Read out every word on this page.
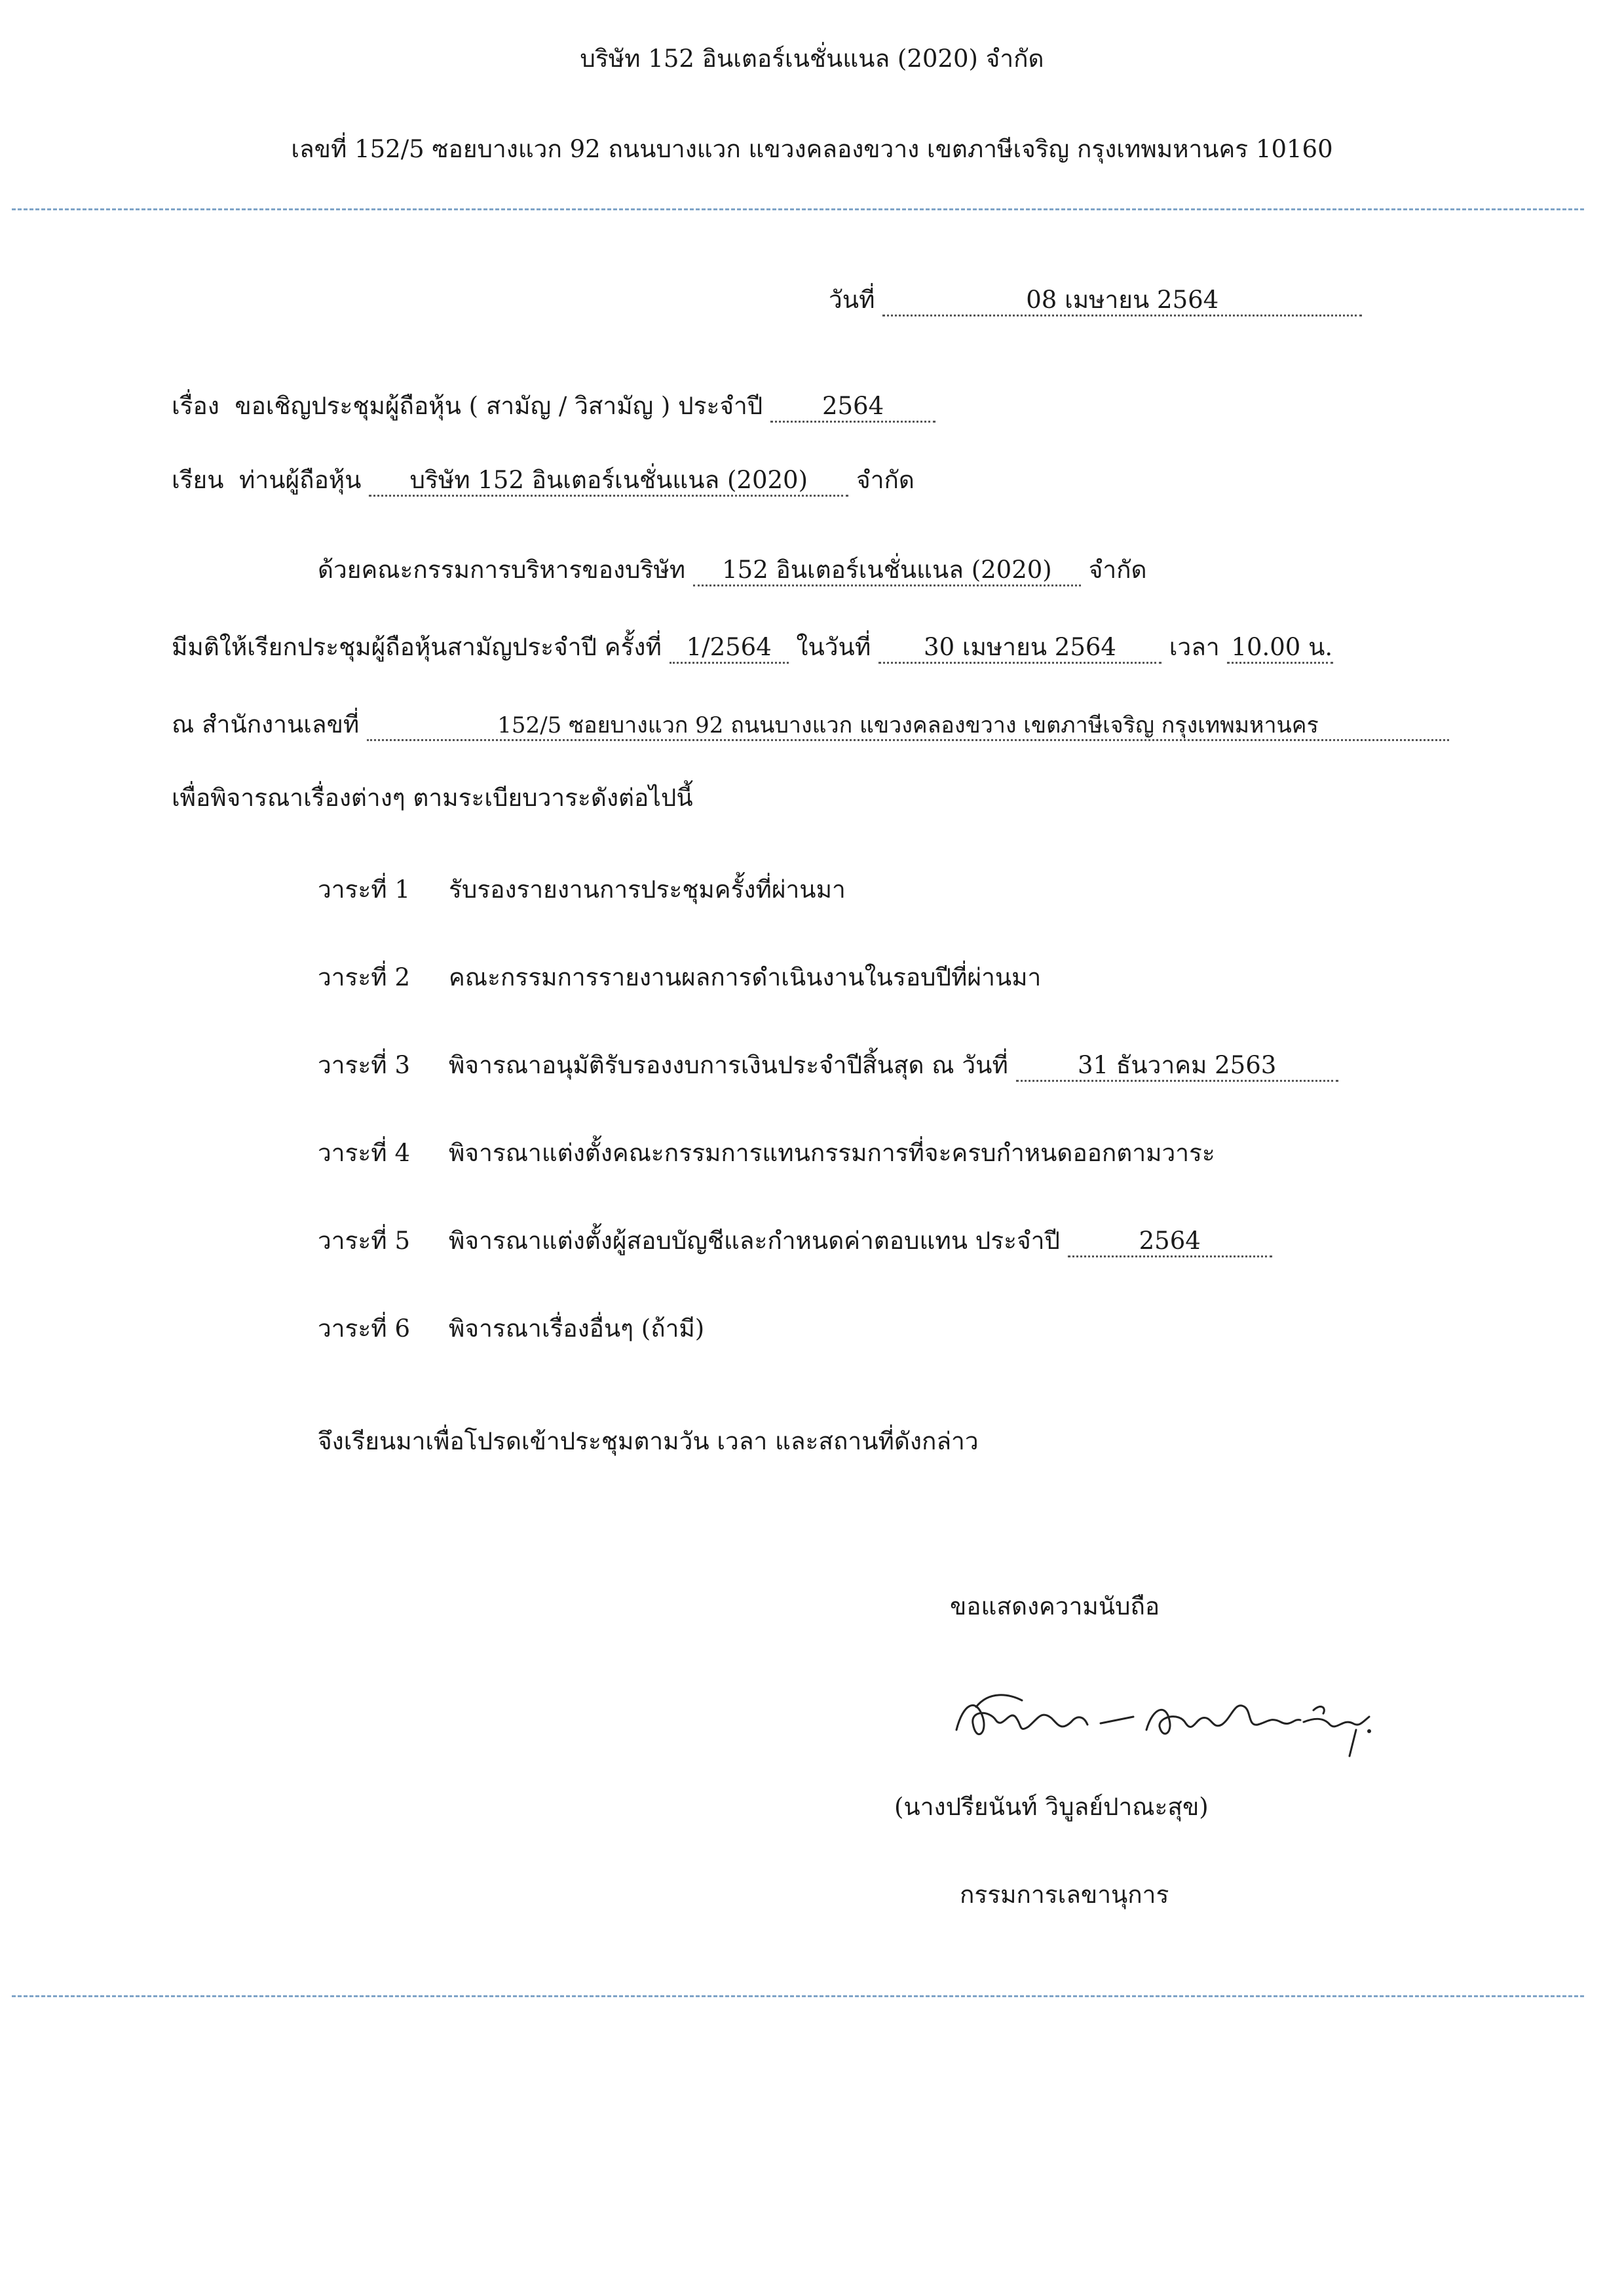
บริษัท 152 อินเตอร์เนชั่นแนล (2020) จำกัด
เลขที่ 152/5 ซอยบางแวก 92 ถนนบางแวก แขวงคลองขวาง เขตภาษีเจริญ กรุงเทพมหานคร 10160
วันที่	08 เมษายน 2564
เรื่อง ขอเชิญประชุมผู้ถือหุ้น ( สามัญ / วิสามัญ ) ประจำปี 2564
เรียน ท่านผู้ถือหุ้น บริษัท 152 อินเตอร์เนชั่นแนล (2020) จำกัด
ด้วยคณะกรรมการบริหารของบริษัท 152 อินเตอร์เนชั่นแนล (2020) จำกัด
มีมติให้เรียกประชุมผู้ถือหุ้นสามัญประจำปี ครั้งที่ 1/2564 ในวันที่ 30 เมษายน 2564 เวลา 10.00 น.
ณ สำนักงานเลขที่	152/5 ซอยบางแวก 92 ถนนบางแวก แขวงคลองขวาง เขตภาษีเจริญ กรุงเทพมหานคร
เพื่อพิจารณาเรื่องต่างๆ ตามระเบียบวาระดังต่อไปนี้
วาระที่ 1 รับรองรายงานการประชุมครั้งที่ผ่านมา
วาระที่ 2 คณะกรรมการรายงานผลการดำเนินงานในรอบปีที่ผ่านมา
วาระที่ 3 พิจารณาอนุมัติรับรองงบการเงินประจำปีสิ้นสุด ณ วันที่	31 ธันวาคม 2563
วาระที่ 4 พิจารณาแต่งตั้งคณะกรรมการแทนกรรมการที่จะครบกำหนดออกตามวาระ
วาระที่ 5 พิจารณาแต่งตั้งผู้สอบบัญชีและกำหนดค่าตอบแทน ประจำปี	2564
วาระที่ 6 พิจารณาเรื่องอื่นๆ (ถ้ามี)
จึงเรียนมาเพื่อโปรดเข้าประชุมตามวัน เวลา และสถานที่ดังกล่าว
ขอแสดงความนับถือ
(นางปรียนันท์ วิบูลย์ปาณะสุข)
กรรมการเลขานุการ
